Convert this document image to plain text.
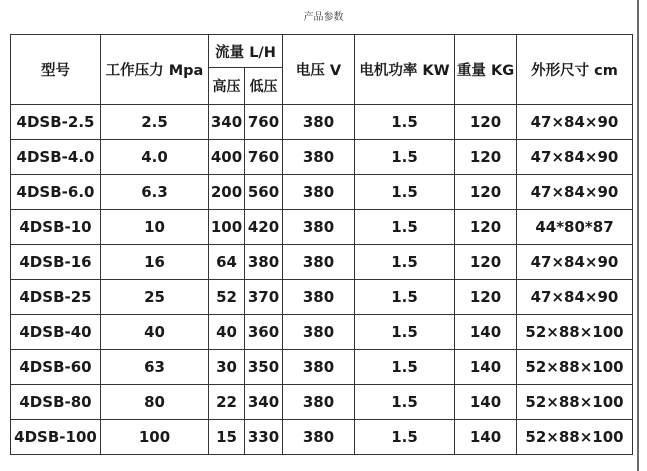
产品参数
型号	工作压力 Mpa	流量 L/H		电压 V	电机功率 KW	重量 KG	外形尺寸 cm
		高压	低压				
4DSB-2.5	2.5	340	760	380	1.5	120	47×84×90
4DSB-4.0	4.0	400	760	380	1.5	120	47×84×90
4DSB-6.0	6.3	200	560	380	1.5	120	47×84×90
4DSB-10	10	100	420	380	1.5	120	44*80*87
4DSB-16	16	64	380	380	1.5	120	47×84×90
4DSB-25	25	52	370	380	1.5	120	47×84×90
4DSB-40	40	40	360	380	1.5	140	52×88×100
4DSB-60	63	30	350	380	1.5	140	52×88×100
4DSB-80	80	22	340	380	1.5	140	52×88×100
4DSB-100	100	15	330	380	1.5	140	52×88×100
